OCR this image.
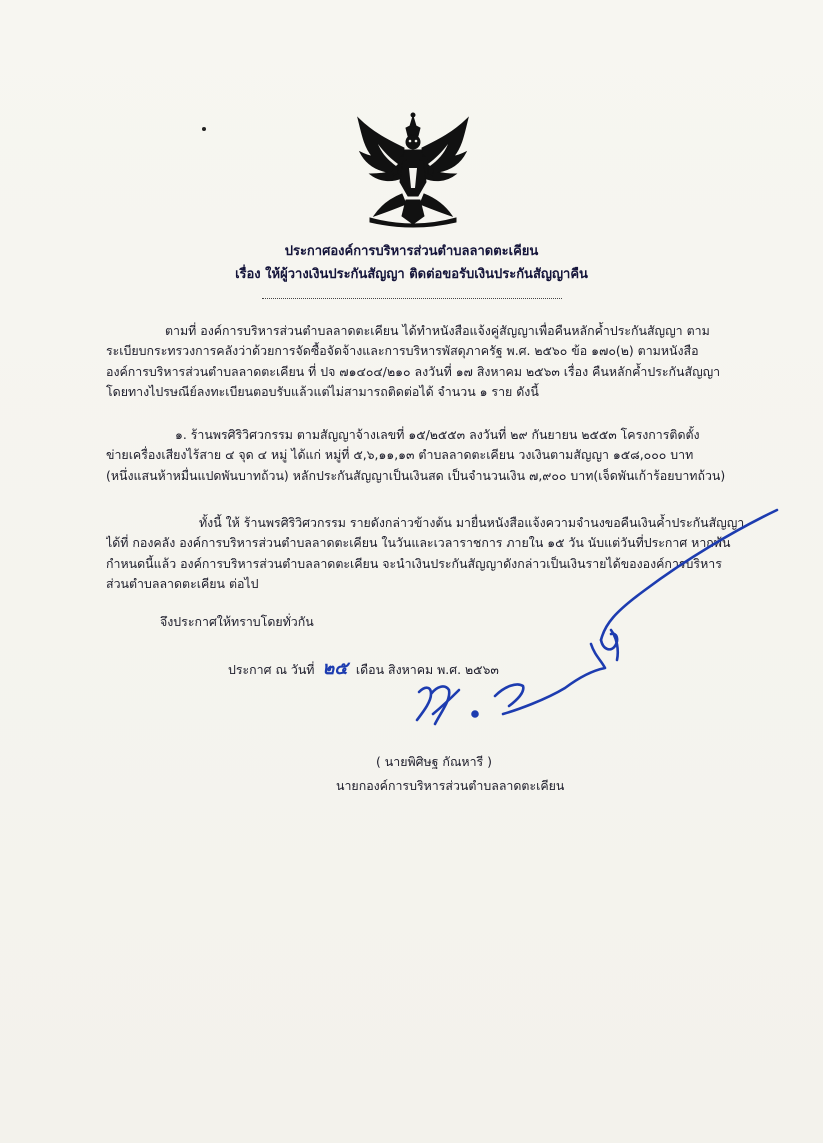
ประกาศองค์การบริหารส่วนตำบลลาดตะเคียน
เรื่อง ให้ผู้วางเงินประกันสัญญา ติดต่อขอรับเงินประกันสัญญาคืน
ตามที่ องค์การบริหารส่วนตำบลลาดตะเคียน ได้ทำหนังสือแจ้งคู่สัญญาเพื่อคืนหลักค้ำประกันสัญญา ตาม
ระเบียบกระทรวงการคลังว่าด้วยการจัดซื้อจัดจ้างและการบริหารพัสดุภาครัฐ พ.ศ. ๒๕๖๐ ข้อ ๑๗๐(๒) ตามหนังสือ
องค์การบริหารส่วนตำบลลาดตะเคียน ที่ ปจ ๗๑๔๐๔/๒๑๐ ลงวันที่ ๑๗ สิงหาคม ๒๕๖๓ เรื่อง คืนหลักค้ำประกันสัญญา
โดยทางไปรษณีย์ลงทะเบียนตอบรับแล้วแต่ไม่สามารถติดต่อได้ จำนวน ๑ ราย ดังนี้
๑. ร้านพรศิริวิศวกรรม ตามสัญญาจ้างเลขที่ ๑๕/๒๕๕๓ ลงวันที่ ๒๙ กันยายน ๒๕๕๓ โครงการติดตั้ง
ข่ายเครื่องเสียงไร้สาย ๔ จุด ๔ หมู่ ได้แก่ หมู่ที่ ๕,๖,๑๑,๑๓ ตำบลลาดตะเคียน วงเงินตามสัญญา ๑๕๘,๐๐๐ บาท
(หนึ่งแสนห้าหมื่นแปดพันบาทถ้วน) หลักประกันสัญญาเป็นเงินสด เป็นจำนวนเงิน ๗,๙๐๐ บาท(เจ็ดพันเก้าร้อยบาทถ้วน)
ทั้งนี้ ให้ ร้านพรศิริวิศวกรรม รายดังกล่าวข้างต้น มายื่นหนังสือแจ้งความจำนงขอคืนเงินค้ำประกันสัญญา
ได้ที่ กองคลัง องค์การบริหารส่วนตำบลลาดตะเคียน ในวันและเวลาราชการ ภายใน ๑๕ วัน นับแต่วันที่ประกาศ หากพ้น
กำหนดนี้แล้ว องค์การบริหารส่วนตำบลลาดตะเคียน จะนำเงินประกันสัญญาดังกล่าวเป็นเงินรายได้ขององค์การบริหาร
ส่วนตำบลลาดตะเคียน ต่อไป
จึงประกาศให้ทราบโดยทั่วกัน
ประกาศ ณ วันที่ ๒๕ เดือน สิงหาคม พ.ศ. ๒๕๖๓
( นายพิศิษฐ กัณหารี )
นายกองค์การบริหารส่วนตำบลลาดตะเคียน
